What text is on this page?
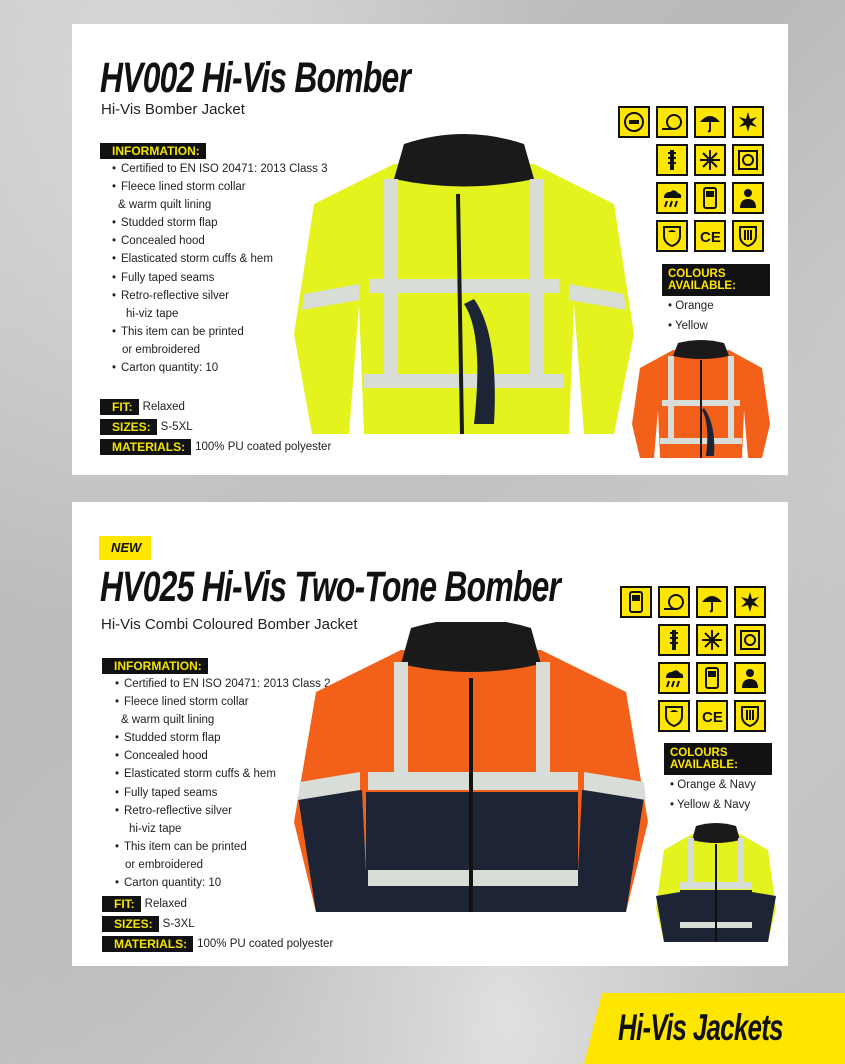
HV002 Hi-Vis Bomber
Hi-Vis Bomber Jacket
INFORMATION:
• Certified to EN ISO 20471: 2013 Class 3
• Fleece lined storm collar
& warm quilt lining
• Studded storm flap
• Concealed hood
• Elasticated storm cuffs & hem
• Fully taped seams
• Retro-reflective silver
hi-viz tape
• This item can be printed
or embroidered
• Carton quantity: 10
FIT: Relaxed
SIZES: S-5XL
MATERIALS: 100% PU coated polyester
CE
COLOURS
AVAILABLE:
• Orange
• Yellow
NEW
HV025 Hi-Vis Two-Tone Bomber
Hi-Vis Combi Coloured Bomber Jacket
INFORMATION:
• Certified to EN ISO 20471: 2013 Class 2
• Fleece lined storm collar
& warm quilt lining
• Studded storm flap
• Concealed hood
• Elasticated storm cuffs & hem
• Fully taped seams
• Retro-reflective silver
hi-viz tape
• This item can be printed
or embroidered
• Carton quantity: 10
FIT: Relaxed
SIZES: S-3XL
MATERIALS: 100% PU coated polyester
CE
COLOURS
AVAILABLE:
• Orange & Navy
• Yellow & Navy
Hi-Vis Jackets
